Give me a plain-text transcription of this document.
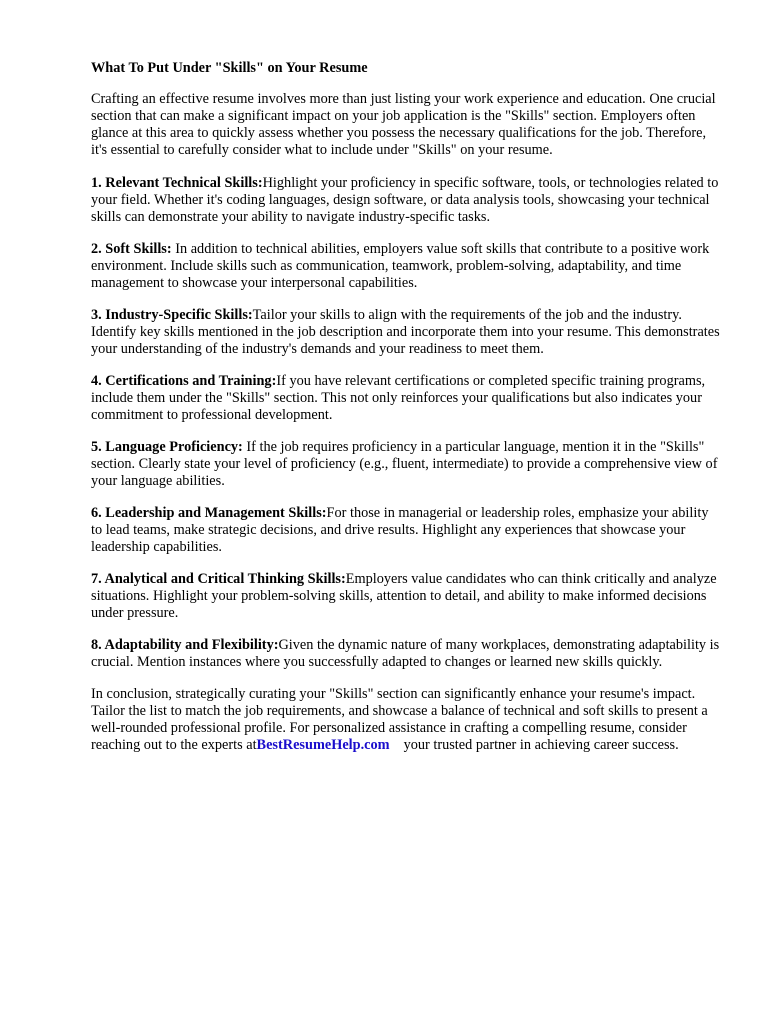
What To Put Under "Skills" on Your Resume

Crafting an effective resume involves more than just listing your work experience and education. One crucial section that can make a significant impact on your job application is the "Skills" section. Employers often glance at this area to quickly assess whether you possess the necessary qualifications for the job. Therefore, it's essential to carefully consider what to include under "Skills" on your resume.

1. Relevant Technical Skills:Highlight your proficiency in specific software, tools, or technologies related to your field. Whether it's coding languages, design software, or data analysis tools, showcasing your technical skills can demonstrate your ability to navigate industry-specific tasks.

2. Soft Skills: In addition to technical abilities, employers value soft skills that contribute to a positive work environment. Include skills such as communication, teamwork, problem-solving, adaptability, and time management to showcase your interpersonal capabilities.

3. Industry-Specific Skills:Tailor your skills to align with the requirements of the job and the industry. Identify key skills mentioned in the job description and incorporate them into your resume. This demonstrates your understanding of the industry's demands and your readiness to meet them.

4. Certifications and Training:If you have relevant certifications or completed specific training programs, include them under the "Skills" section. This not only reinforces your qualifications but also indicates your commitment to professional development.

5. Language Proficiency: If the job requires proficiency in a particular language, mention it in the "Skills" section. Clearly state your level of proficiency (e.g., fluent, intermediate) to provide a comprehensive view of your language abilities.

6. Leadership and Management Skills:For those in managerial or leadership roles, emphasize your ability to lead teams, make strategic decisions, and drive results. Highlight any experiences that showcase your leadership capabilities.

7. Analytical and Critical Thinking Skills:Employers value candidates who can think critically and analyze situations. Highlight your problem-solving skills, attention to detail, and ability to make informed decisions under pressure.

8. Adaptability and Flexibility:Given the dynamic nature of many workplaces, demonstrating adaptability is crucial. Mention instances where you successfully adapted to changes or learned new skills quickly.

In conclusion, strategically curating your "Skills" section can significantly enhance your resume's impact. Tailor the list to match the job requirements, and showcase a balance of technical and soft skills to present a well-rounded professional profile. For personalized assistance in crafting a compelling resume, consider reaching out to the experts atBestResumeHelp.com your trusted partner in achieving career success.
